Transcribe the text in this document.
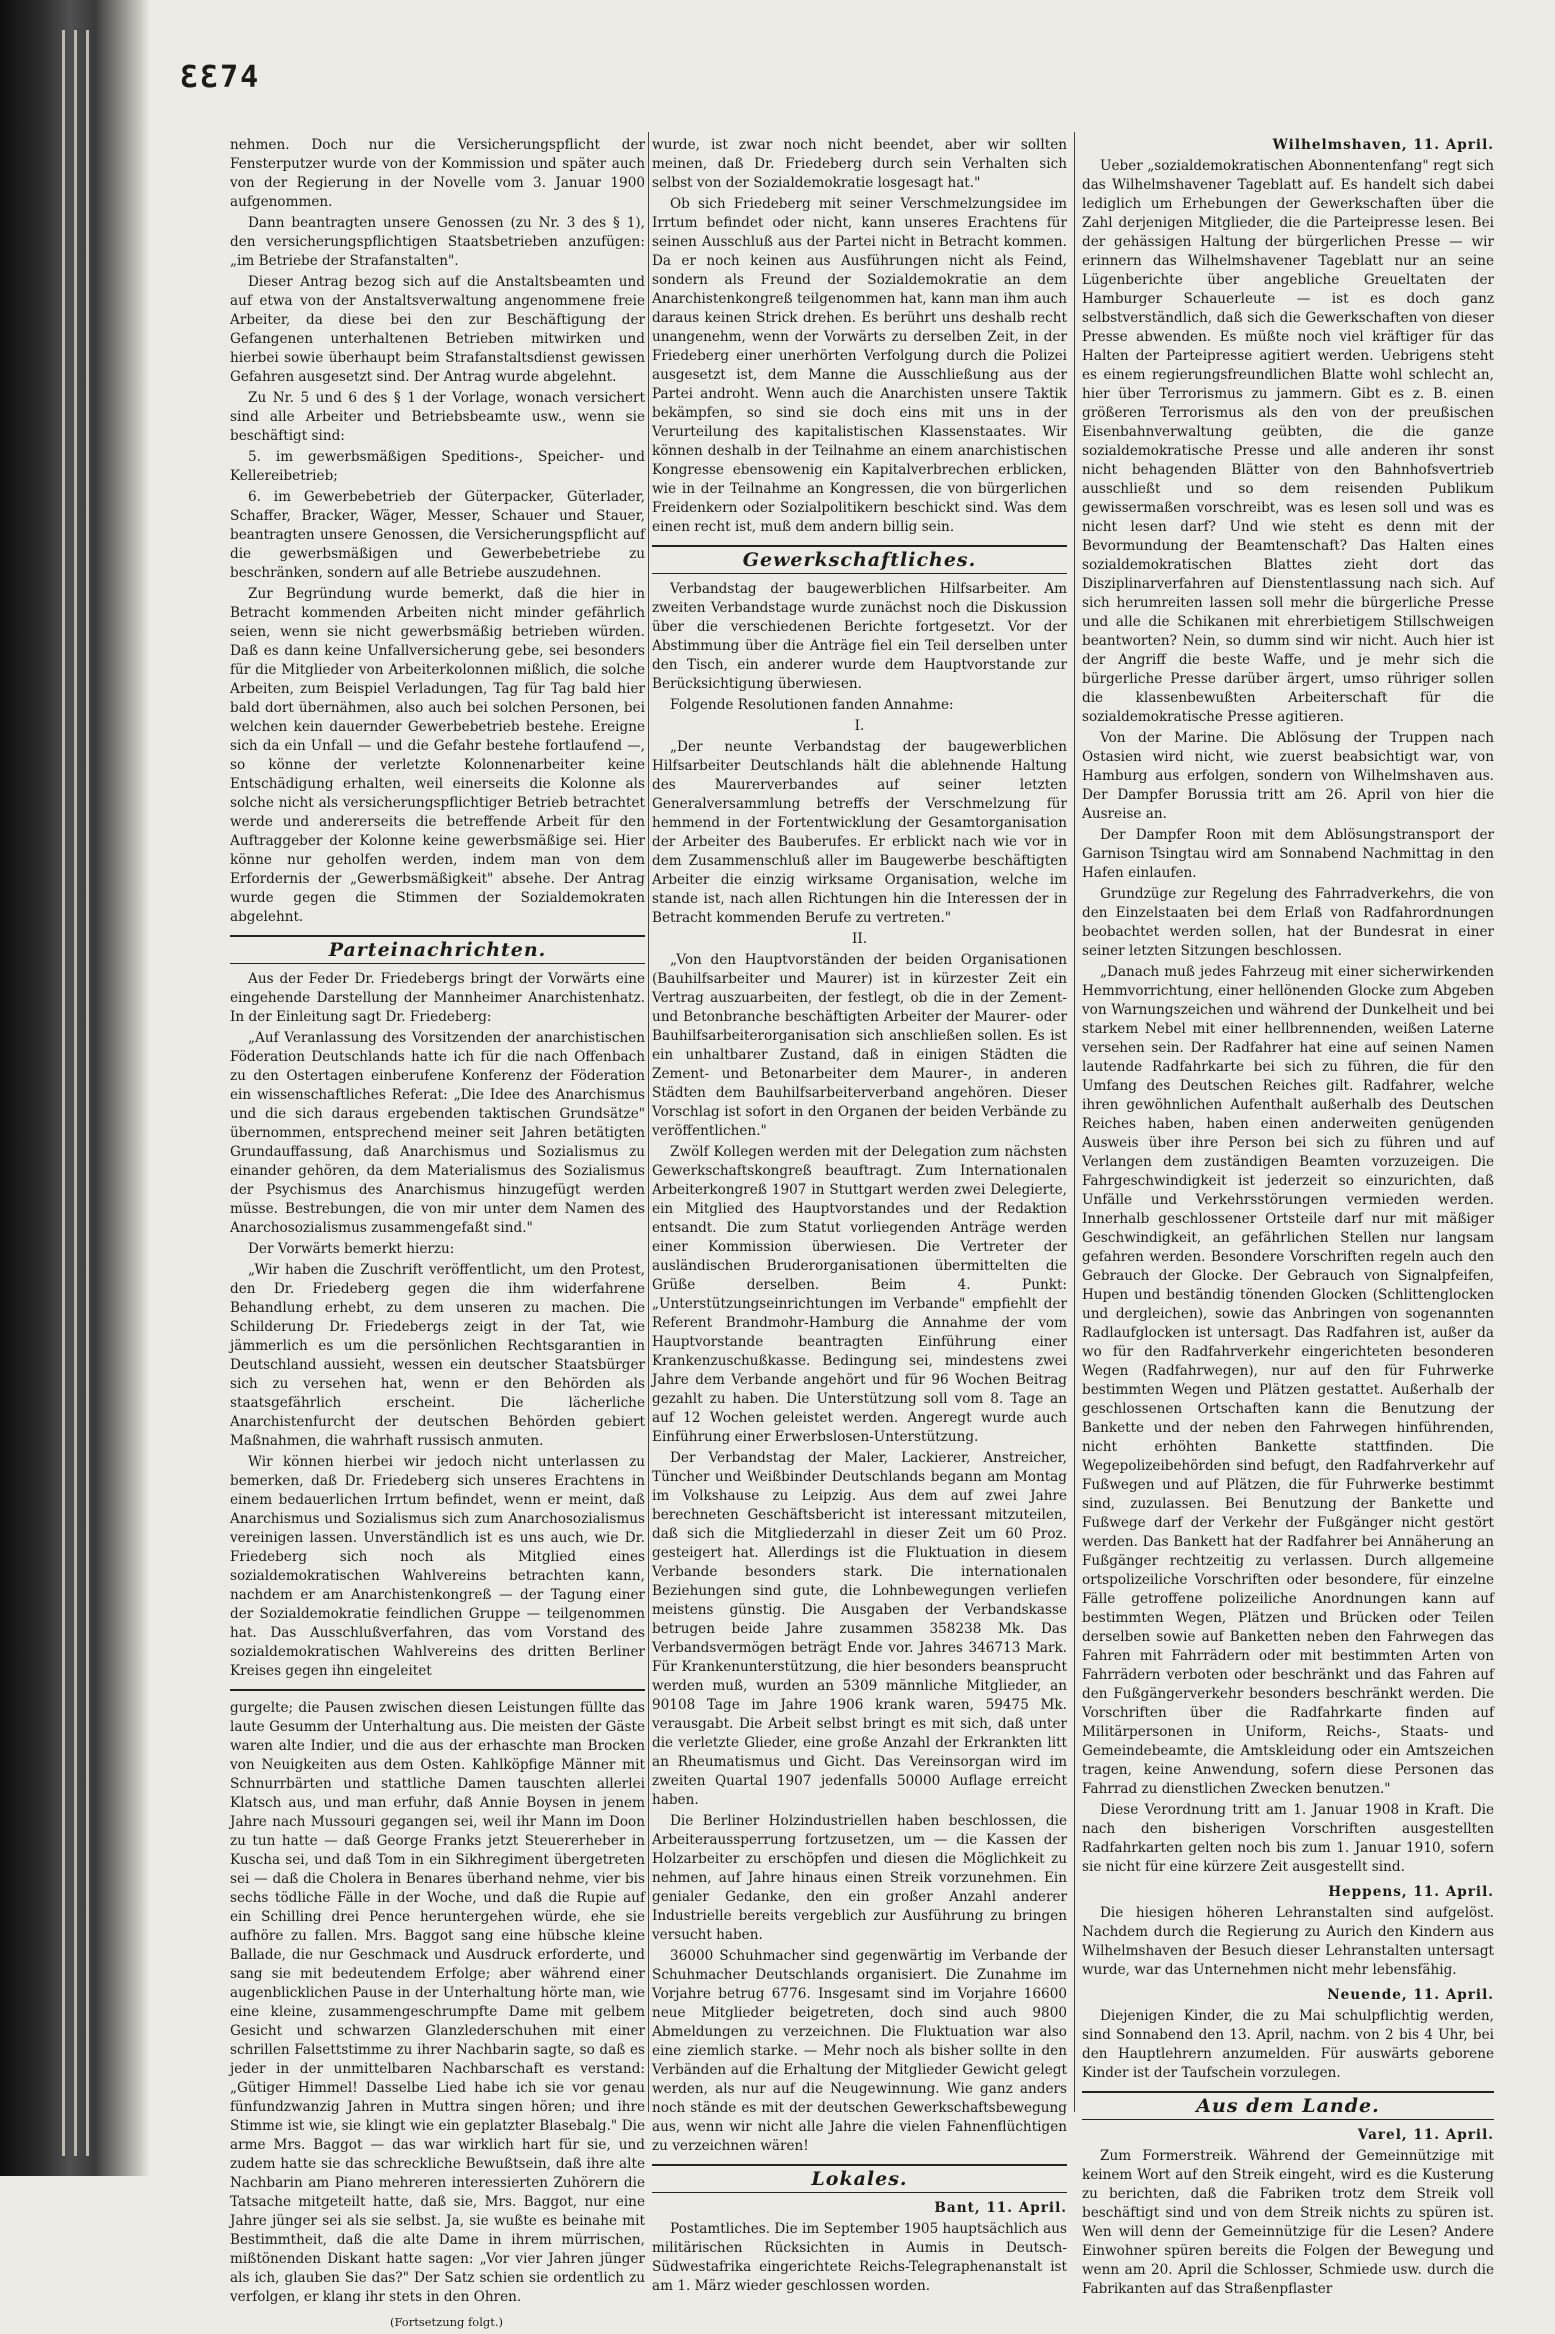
ƐƐ74

nehmen. Doch nur die Versicherungspflicht der Fensterputzer wurde von der Kommission und später auch von der Regierung in der Novelle vom 3. Januar 1900 aufgenommen.

Dann beantragten unsere Genossen (zu Nr. 3 des § 1), den versicherungspflichtigen Staatsbetrieben anzufügen: „im Betriebe der Strafanstalten".

Dieser Antrag bezog sich auf die Anstaltsbeamten und auf etwa von der Anstaltsverwaltung angenommene freie Arbeiter, da diese bei den zur Beschäftigung der Gefangenen unterhaltenen Betrieben mitwirken und hierbei sowie überhaupt beim Strafanstaltsdienst gewissen Gefahren ausgesetzt sind. Der Antrag wurde abgelehnt.

Zu Nr. 5 und 6 des § 1 der Vorlage, wonach versichert sind alle Arbeiter und Betriebsbeamte usw., wenn sie beschäftigt sind:

5. im gewerbsmäßigen Speditions-, Speicher- und Kellereibetrieb;

6. im Gewerbebetrieb der Güterpacker, Güterlader, Schaffer, Bracker, Wäger, Messer, Schauer und Stauer, beantragten unsere Genossen, die Versicherungspflicht auf die gewerbsmäßigen und Gewerbebetriebe zu beschränken, sondern auf alle Betriebe auszudehnen.

Zur Begründung wurde bemerkt, daß die hier in Betracht kommenden Arbeiten nicht minder gefährlich seien, wenn sie nicht gewerbsmäßig betrieben würden. Daß es dann keine Unfallversicherung gebe, sei besonders für die Mitglieder von Arbeiterkolonnen mißlich, die solche Arbeiten, zum Beispiel Verladungen, Tag für Tag bald hier bald dort übernähmen, also auch bei solchen Personen, bei welchen kein dauernder Gewerbebetrieb bestehe. Ereigne sich da ein Unfall — und die Gefahr bestehe fortlaufend —, so könne der verletzte Kolonnenarbeiter keine Entschädigung erhalten, weil einerseits die Kolonne als solche nicht als versicherungspflichtiger Betrieb betrachtet werde und andererseits die betreffende Arbeit für den Auftraggeber der Kolonne keine gewerbsmäßige sei. Hier könne nur geholfen werden, indem man von dem Erfordernis der „Gewerbsmäßigkeit" absehe. Der Antrag wurde gegen die Stimmen der Sozialdemokraten abgelehnt.

Parteinachrichten.

Aus der Feder Dr. Friedebergs bringt der Vorwärts eine eingehende Darstellung der Mannheimer Anarchistenhatz. In der Einleitung sagt Dr. Friedeberg:

„Auf Veranlassung des Vorsitzenden der anarchistischen Föderation Deutschlands hatte ich für die nach Offenbach zu den Ostertagen einberufene Konferenz der Föderation ein wissenschaftliches Referat: „Die Idee des Anarchismus und die sich daraus ergebenden taktischen Grundsätze" übernommen, entsprechend meiner seit Jahren betätigten Grundauffassung, daß Anarchismus und Sozialismus zu einander gehören, da dem Materialismus des Sozialismus der Psychismus des Anarchismus hinzugefügt werden müsse. Bestrebungen, die von mir unter dem Namen des Anarchosozialismus zusammengefaßt sind."

Der Vorwärts bemerkt hierzu:

„Wir haben die Zuschrift veröffentlicht, um den Protest, den Dr. Friedeberg gegen die ihm widerfahrene Behandlung erhebt, zu dem unseren zu machen. Die Schilderung Dr. Friedebergs zeigt in der Tat, wie jämmerlich es um die persönlichen Rechtsgarantien in Deutschland aussieht, wessen ein deutscher Staatsbürger sich zu versehen hat, wenn er den Behörden als staatsgefährlich erscheint. Die lächerliche Anarchistenfurcht der deutschen Behörden gebiert Maßnahmen, die wahrhaft russisch anmuten.

Wir können hierbei wir jedoch nicht unterlassen zu bemerken, daß Dr. Friedeberg sich unseres Erachtens in einem bedauerlichen Irrtum befindet, wenn er meint, daß Anarchismus und Sozialismus sich zum Anarchosozialismus vereinigen lassen. Unverständlich ist es uns auch, wie Dr. Friedeberg sich noch als Mitglied eines sozialdemokratischen Wahlvereins betrachten kann, nachdem er am Anarchistenkongreß — der Tagung einer der Sozialdemokratie feindlichen Gruppe — teilgenommen hat. Das Ausschlußverfahren, das vom Vorstand des sozialdemokratischen Wahlvereins des dritten Berliner Kreises gegen ihn eingeleitet

gurgelte; die Pausen zwischen diesen Leistungen füllte das laute Gesumm der Unterhaltung aus. Die meisten der Gäste waren alte Indier, und die aus der erhaschte man Brocken von Neuigkeiten aus dem Osten. Kahlköpfige Männer mit Schnurrbärten und stattliche Damen tauschten allerlei Klatsch aus, und man erfuhr, daß Annie Boysen in jenem Jahre nach Mussouri gegangen sei, weil ihr Mann im Doon zu tun hatte — daß George Franks jetzt Steuererheber in Kuscha sei, und daß Tom in ein Sikhregiment übergetreten sei — daß die Cholera in Benares überhand nehme, vier bis sechs tödliche Fälle in der Woche, und daß die Rupie auf ein Schilling drei Pence heruntergehen würde, ehe sie aufhöre zu fallen. Mrs. Baggot sang eine hübsche kleine Ballade, die nur Geschmack und Ausdruck erforderte, und sang sie mit bedeutendem Erfolge; aber während einer augenblicklichen Pause in der Unterhaltung hörte man, wie eine kleine, zusammengeschrumpfte Dame mit gelbem Gesicht und schwarzen Glanzlederschuhen mit einer schrillen Falsettstimme zu ihrer Nachbarin sagte, so daß es jeder in der unmittelbaren Nachbarschaft es verstand: „Gütiger Himmel! Dasselbe Lied habe ich sie vor genau fünfundzwanzig Jahren in Muttra singen hören; und ihre Stimme ist wie, sie klingt wie ein geplatzter Blasebalg." Die arme Mrs. Baggot — das war wirklich hart für sie, und zudem hatte sie das schreckliche Bewußtsein, daß ihre alte Nachbarin am Piano mehreren interessierten Zuhörern die Tatsache mitgeteilt hatte, daß sie, Mrs. Baggot, nur eine Jahre jünger sei als sie selbst. Ja, sie wußte es beinahe mit Bestimmtheit, daß die alte Dame in ihrem mürrischen, mißtönenden Diskant hatte sagen: „Vor vier Jahren jünger als ich, glauben Sie das?" Der Satz schien sie ordentlich zu verfolgen, er klang ihr stets in den Ohren.

(Fortsetzung folgt.)

wurde, ist zwar noch nicht beendet, aber wir sollten meinen, daß Dr. Friedeberg durch sein Verhalten sich selbst von der Sozialdemokratie losgesagt hat."

Ob sich Friedeberg mit seiner Verschmelzungsidee im Irrtum befindet oder nicht, kann unseres Erachtens für seinen Ausschluß aus der Partei nicht in Betracht kommen. Da er noch keinen aus Ausführungen nicht als Feind, sondern als Freund der Sozialdemokratie an dem Anarchistenkongreß teilgenommen hat, kann man ihm auch daraus keinen Strick drehen. Es berührt uns deshalb recht unangenehm, wenn der Vorwärts zu derselben Zeit, in der Friedeberg einer unerhörten Verfolgung durch die Polizei ausgesetzt ist, dem Manne die Ausschließung aus der Partei androht. Wenn auch die Anarchisten unsere Taktik bekämpfen, so sind sie doch eins mit uns in der Verurteilung des kapitalistischen Klassenstaates. Wir können deshalb in der Teilnahme an einem anarchistischen Kongresse ebensowenig ein Kapitalverbrechen erblicken, wie in der Teilnahme an Kongressen, die von bürgerlichen Freidenkern oder Sozialpolitikern beschickt sind. Was dem einen recht ist, muß dem andern billig sein.

Gewerkschaftliches.

Verbandstag der baugewerblichen Hilfsarbeiter. Am zweiten Verbandstage wurde zunächst noch die Diskussion über die verschiedenen Berichte fortgesetzt. Vor der Abstimmung über die Anträge fiel ein Teil derselben unter den Tisch, ein anderer wurde dem Hauptvorstande zur Berücksichtigung überwiesen.

Folgende Resolutionen fanden Annahme:

I.

„Der neunte Verbandstag der baugewerblichen Hilfsarbeiter Deutschlands hält die ablehnende Haltung des Maurerverbandes auf seiner letzten Generalversammlung betreffs der Verschmelzung für hemmend in der Fortentwicklung der Gesamtorganisation der Arbeiter des Bauberufes. Er erblickt nach wie vor in dem Zusammenschluß aller im Baugewerbe beschäftigten Arbeiter die einzig wirksame Organisation, welche im stande ist, nach allen Richtungen hin die Interessen der in Betracht kommenden Berufe zu vertreten."

II.

„Von den Hauptvorständen der beiden Organisationen (Bauhilfsarbeiter und Maurer) ist in kürzester Zeit ein Vertrag auszuarbeiten, der festlegt, ob die in der Zement- und Betonbranche beschäftigten Arbeiter der Maurer- oder Bauhilfsarbeiterorganisation sich anschließen sollen. Es ist ein unhaltbarer Zustand, daß in einigen Städten die Zement- und Betonarbeiter dem Maurer-, in anderen Städten dem Bauhilfsarbeiterverband angehören. Dieser Vorschlag ist sofort in den Organen der beiden Verbände zu veröffentlichen."

Zwölf Kollegen werden mit der Delegation zum nächsten Gewerkschaftskongreß beauftragt. Zum Internationalen Arbeiterkongreß 1907 in Stuttgart werden zwei Delegierte, ein Mitglied des Hauptvorstandes und der Redaktion entsandt. Die zum Statut vorliegenden Anträge werden einer Kommission überwiesen. Die Vertreter der ausländischen Bruderorganisationen übermittelten die Grüße derselben. Beim 4. Punkt: „Unterstützungseinrichtungen im Verbande" empfiehlt der Referent Brandmohr-Hamburg die Annahme der vom Hauptvorstande beantragten Einführung einer Krankenzuschußkasse. Bedingung sei, mindestens zwei Jahre dem Verbande angehört und für 96 Wochen Beitrag gezahlt zu haben. Die Unterstützung soll vom 8. Tage an auf 12 Wochen geleistet werden. Angeregt wurde auch Einführung einer Erwerbslosen-Unterstützung.

Der Verbandstag der Maler, Lackierer, Anstreicher, Tüncher und Weißbinder Deutschlands begann am Montag im Volkshause zu Leipzig. Aus dem auf zwei Jahre berechneten Geschäftsbericht ist interessant mitzuteilen, daß sich die Mitgliederzahl in dieser Zeit um 60 Proz. gesteigert hat. Allerdings ist die Fluktuation in diesem Verbande besonders stark. Die internationalen Beziehungen sind gute, die Lohnbewegungen verliefen meistens günstig. Die Ausgaben der Verbandskasse betrugen beide Jahre zusammen 358238 Mk. Das Verbandsvermögen beträgt Ende vor. Jahres 346713 Mark. Für Krankenunterstützung, die hier besonders beansprucht werden muß, wurden an 5309 männliche Mitglieder, an 90108 Tage im Jahre 1906 krank waren, 59475 Mk. verausgabt. Die Arbeit selbst bringt es mit sich, daß unter die verletzte Glieder, eine große Anzahl der Erkrankten litt an Rheumatismus und Gicht. Das Vereinsorgan wird im zweiten Quartal 1907 jedenfalls 50000 Auflage erreicht haben.

Die Berliner Holzindustriellen haben beschlossen, die Arbeiteraussperrung fortzusetzen, um — die Kassen der Holzarbeiter zu erschöpfen und diesen die Möglichkeit zu nehmen, auf Jahre hinaus einen Streik vorzunehmen. Ein genialer Gedanke, den ein großer Anzahl anderer Industrielle bereits vergeblich zur Ausführung zu bringen versucht haben.

36000 Schuhmacher sind gegenwärtig im Verbande der Schuhmacher Deutschlands organisiert. Die Zunahme im Vorjahre betrug 6776. Insgesamt sind im Vorjahre 16600 neue Mitglieder beigetreten, doch sind auch 9800 Abmeldungen zu verzeichnen. Die Fluktuation war also eine ziemlich starke. — Mehr noch als bisher sollte in den Verbänden auf die Erhaltung der Mitglieder Gewicht gelegt werden, als nur auf die Neugewinnung. Wie ganz anders noch stände es mit der deutschen Gewerkschaftsbewegung aus, wenn wir nicht alle Jahre die vielen Fahnenflüchtigen zu verzeichnen wären!

Lokales.

Bant, 11. April.

Postamtliches. Die im September 1905 hauptsächlich aus militärischen Rücksichten in Aumis in Deutsch-Südwestafrika eingerichtete Reichs-Telegraphenanstalt ist am 1. März wieder geschlossen worden.

Wilhelmshaven, 11. April.

Ueber „sozialdemokratischen Abonnentenfang" regt sich das Wilhelmshavener Tageblatt auf. Es handelt sich dabei lediglich um Erhebungen der Gewerkschaften über die Zahl derjenigen Mitglieder, die die Parteipresse lesen. Bei der gehässigen Haltung der bürgerlichen Presse — wir erinnern das Wilhelmshavener Tageblatt nur an seine Lügenberichte über angebliche Greueltaten der Hamburger Schauerleute — ist es doch ganz selbstverständlich, daß sich die Gewerkschaften von dieser Presse abwenden. Es müßte noch viel kräftiger für das Halten der Parteipresse agitiert werden. Uebrigens steht es einem regierungsfreundlichen Blatte wohl schlecht an, hier über Terrorismus zu jammern. Gibt es z. B. einen größeren Terrorismus als den von der preußischen Eisenbahnverwaltung geübten, die die ganze sozialdemokratische Presse und alle anderen ihr sonst nicht behagenden Blätter von den Bahnhofsvertrieb ausschließt und so dem reisenden Publikum gewissermaßen vorschreibt, was es lesen soll und was es nicht lesen darf? Und wie steht es denn mit der Bevormundung der Beamtenschaft? Das Halten eines sozialdemokratischen Blattes zieht dort das Disziplinarverfahren auf Dienstentlassung nach sich. Auf sich herumreiten lassen soll mehr die bürgerliche Presse und alle die Schikanen mit ehrerbietigem Stillschweigen beantworten? Nein, so dumm sind wir nicht. Auch hier ist der Angriff die beste Waffe, und je mehr sich die bürgerliche Presse darüber ärgert, umso rühriger sollen die klassenbewußten Arbeiterschaft für die sozialdemokratische Presse agitieren.

Von der Marine. Die Ablösung der Truppen nach Ostasien wird nicht, wie zuerst beabsichtigt war, von Hamburg aus erfolgen, sondern von Wilhelmshaven aus. Der Dampfer Borussia tritt am 26. April von hier die Ausreise an.

Der Dampfer Roon mit dem Ablösungstransport der Garnison Tsingtau wird am Sonnabend Nachmittag in den Hafen einlaufen.

Grundzüge zur Regelung des Fahrradverkehrs, die von den Einzelstaaten bei dem Erlaß von Radfahrordnungen beobachtet werden sollen, hat der Bundesrat in einer seiner letzten Sitzungen beschlossen.

„Danach muß jedes Fahrzeug mit einer sicherwirkenden Hemmvorrichtung, einer hellönenden Glocke zum Abgeben von Warnungszeichen und während der Dunkelheit und bei starkem Nebel mit einer hellbrennenden, weißen Laterne versehen sein. Der Radfahrer hat eine auf seinen Namen lautende Radfahrkarte bei sich zu führen, die für den Umfang des Deutschen Reiches gilt. Radfahrer, welche ihren gewöhnlichen Aufenthalt außerhalb des Deutschen Reiches haben, haben einen anderweiten genügenden Ausweis über ihre Person bei sich zu führen und auf Verlangen dem zuständigen Beamten vorzuzeigen. Die Fahrgeschwindigkeit ist jederzeit so einzurichten, daß Unfälle und Verkehrsstörungen vermieden werden. Innerhalb geschlossener Ortsteile darf nur mit mäßiger Geschwindigkeit, an gefährlichen Stellen nur langsam gefahren werden. Besondere Vorschriften regeln auch den Gebrauch der Glocke. Der Gebrauch von Signalpfeifen, Hupen und beständig tönenden Glocken (Schlittenglocken und dergleichen), sowie das Anbringen von sogenannten Radlaufglocken ist untersagt. Das Radfahren ist, außer da wo für den Radfahrverkehr eingerichteten besonderen Wegen (Radfahrwegen), nur auf den für Fuhrwerke bestimmten Wegen und Plätzen gestattet. Außerhalb der geschlossenen Ortschaften kann die Benutzung der Bankette und der neben den Fahrwegen hinführenden, nicht erhöhten Bankette stattfinden. Die Wegepolizeibehörden sind befugt, den Radfahrverkehr auf Fußwegen und auf Plätzen, die für Fuhrwerke bestimmt sind, zuzulassen. Bei Benutzung der Bankette und Fußwege darf der Verkehr der Fußgänger nicht gestört werden. Das Bankett hat der Radfahrer bei Annäherung an Fußgänger rechtzeitig zu verlassen. Durch allgemeine ortspolizeiliche Vorschriften oder besondere, für einzelne Fälle getroffene polizeiliche Anordnungen kann auf bestimmten Wegen, Plätzen und Brücken oder Teilen derselben sowie auf Banketten neben den Fahrwegen das Fahren mit Fahrrädern oder mit bestimmten Arten von Fahrrädern verboten oder beschränkt und das Fahren auf den Fußgängerverkehr besonders beschränkt werden. Die Vorschriften über die Radfahrkarte finden auf Militärpersonen in Uniform, Reichs-, Staats- und Gemeindebeamte, die Amtskleidung oder ein Amtszeichen tragen, keine Anwendung, sofern diese Personen das Fahrrad zu dienstlichen Zwecken benutzen."

Diese Verordnung tritt am 1. Januar 1908 in Kraft. Die nach den bisherigen Vorschriften ausgestellten Radfahrkarten gelten noch bis zum 1. Januar 1910, sofern sie nicht für eine kürzere Zeit ausgestellt sind.

Heppens, 11. April.

Die hiesigen höheren Lehranstalten sind aufgelöst. Nachdem durch die Regierung zu Aurich den Kindern aus Wilhelmshaven der Besuch dieser Lehranstalten untersagt wurde, war das Unternehmen nicht mehr lebensfähig.

Neuende, 11. April.

Diejenigen Kinder, die zu Mai schulpflichtig werden, sind Sonnabend den 13. April, nachm. von 2 bis 4 Uhr, bei den Hauptlehrern anzumelden. Für auswärts geborene Kinder ist der Taufschein vorzulegen.

Aus dem Lande.

Varel, 11. April.

Zum Formerstreik. Während der Gemeinnützige mit keinem Wort auf den Streik eingeht, wird es die Kusterung zu berichten, daß die Fabriken trotz dem Streik voll beschäftigt sind und von dem Streik nichts zu spüren ist. Wen will denn der Gemeinnützige für die Lesen? Andere Einwohner spüren bereits die Folgen der Bewegung und wenn am 20. April die Schlosser, Schmiede usw. durch die Fabrikanten auf das Straßenpflaster
